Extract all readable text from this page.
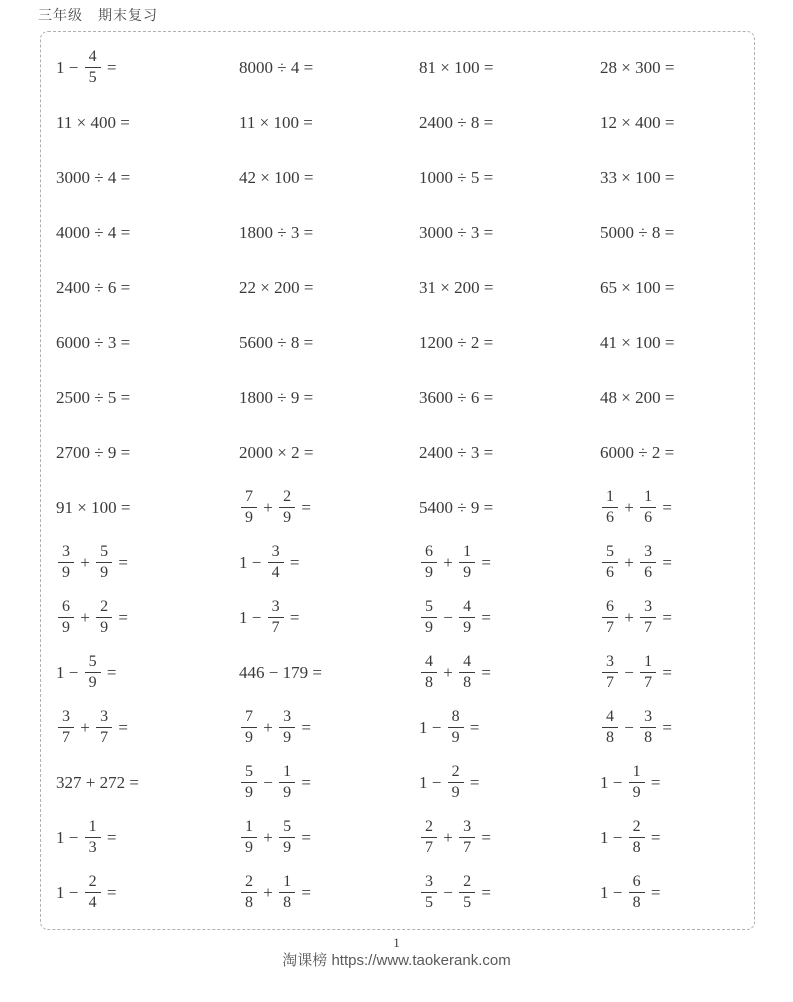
三年级　期末复习
$1 - \frac{4}{5}$ =	8000 ÷ 4 =	81 × 100 =	28 × 300 =
11 × 400 =	11 × 100 =	2400 ÷ 8 =	12 × 400 =
3000 ÷ 4 =	42 × 100 =	1000 ÷ 5 =	33 × 100 =
4000 ÷ 4 =	1800 ÷ 3 =	3000 ÷ 3 =	5000 ÷ 8 =
2400 ÷ 6 =	22 × 200 =	31 × 200 =	65 × 100 =
6000 ÷ 3 =	5600 ÷ 8 =	1200 ÷ 2 =	41 × 100 =
2500 ÷ 5 =	1800 ÷ 9 =	3600 ÷ 6 =	48 × 200 =
2700 ÷ 9 =	2000 × 2 =	2400 ÷ 3 =	6000 ÷ 2 =
91 × 100 =	$\frac{7}{9} + \frac{2}{9}$ =	5400 ÷ 9 =	$\frac{1}{6} + \frac{1}{6}$ =
$\frac{3}{9} + \frac{5}{9}$ =	$1 - \frac{3}{4}$ =	$\frac{6}{9} + \frac{1}{9}$ =	$\frac{5}{6} + \frac{3}{6}$ =
$\frac{6}{9} + \frac{2}{9}$ =	$1 - \frac{3}{7}$ =	$\frac{5}{9} - \frac{4}{9}$ =	$\frac{6}{7} + \frac{3}{7}$ =
$1 - \frac{5}{9}$ =	446 − 179 =	$\frac{4}{8} + \frac{4}{8}$ =	$\frac{3}{7} - \frac{1}{7}$ =
$\frac{3}{7} + \frac{3}{7}$ =	$\frac{7}{9} + \frac{3}{9}$ =	$1 - \frac{8}{9}$ =	$\frac{4}{8} - \frac{3}{8}$ =
327 + 272 =	$\frac{5}{9} - \frac{1}{9}$ =	$1 - \frac{2}{9}$ =	$1 - \frac{1}{9}$ =
$1 - \frac{1}{3}$ =	$\frac{1}{9} + \frac{5}{9}$ =	$\frac{2}{7} + \frac{3}{7}$ =	$1 - \frac{2}{8}$ =
$1 - \frac{2}{4}$ =	$\frac{2}{8} + \frac{1}{8}$ =	$\frac{3}{5} - \frac{2}{5}$ =	$1 - \frac{6}{8}$ =
1
淘课榜 https://www.taokerank.com
